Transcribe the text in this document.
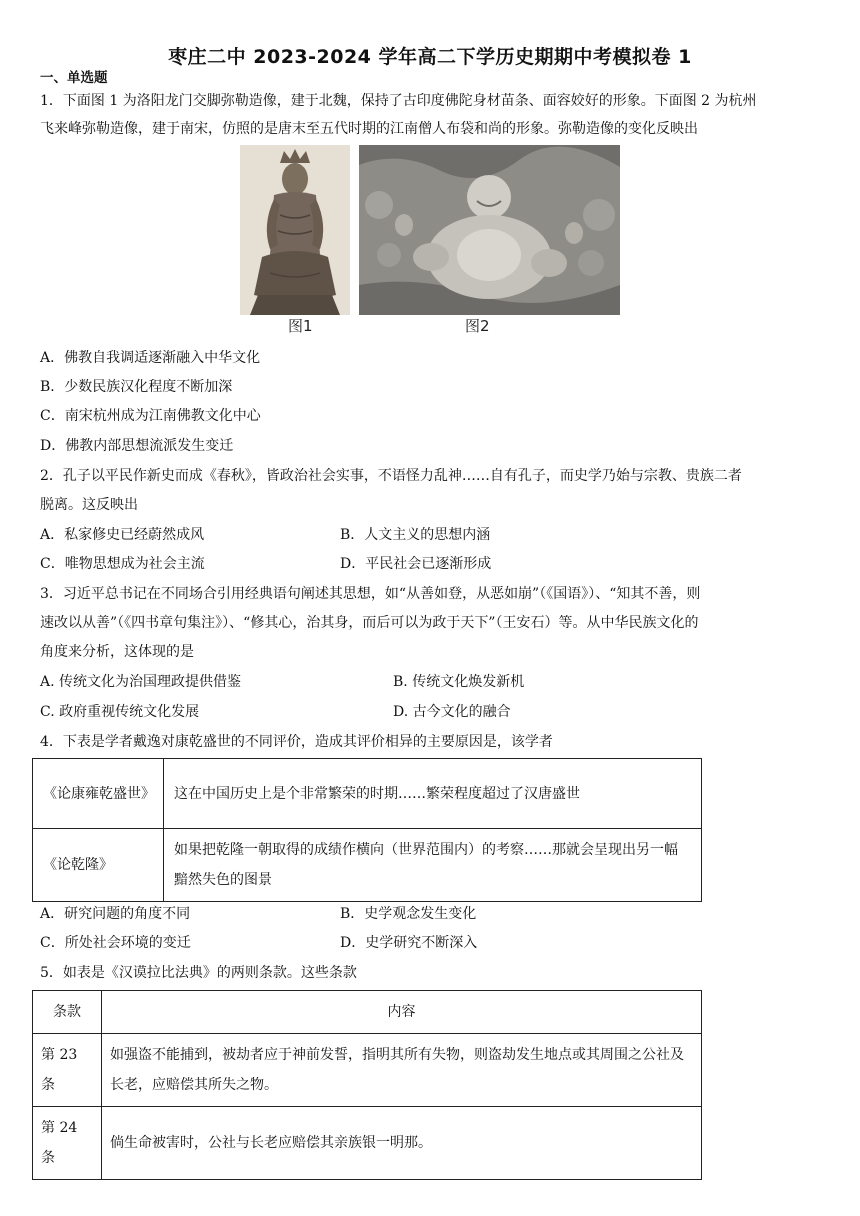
枣庄二中 2023-2024 学年高二下学历史期期中考模拟卷 1
一、单选题
1．下面图 1 为洛阳龙门交脚弥勒造像，建于北魏，保持了古印度佛陀身材苗条、面容姣好的形象。下面图 2 为杭州
飞来峰弥勒造像，建于南宋，仿照的是唐末至五代时期的江南僧人布袋和尚的形象。弥勒造像的变化反映出
图1	图2
A．佛教自我调适逐渐融入中华文化
B．少数民族汉化程度不断加深
C．南宋杭州成为江南佛教文化中心
D．佛教内部思想流派发生变迁
2．孔子以平民作新史而成《春秋》，皆政治社会实事，不语怪力乱神……自有孔子，而史学乃始与宗教、贵族二者
脱离。这反映出
A．私家修史已经蔚然成风	B．人文主义的思想内涵
C．唯物思想成为社会主流	D．平民社会已逐渐形成
3．习近平总书记在不同场合引用经典语句阐述其思想，如“从善如登，从恶如崩”（《国语》）、“知其不善，则
速改以从善”（《四书章句集注》）、“修其心，治其身，而后可以为政于天下”（王安石）等。从中华民族文化的
角度来分析，这体现的是
A. 传统文化为治国理政提供借鉴	B. 传统文化焕发新机
C. 政府重视传统文化发展	D. 古今文化的融合
4．下表是学者戴逸对康乾盛世的不同评价，造成其评价相异的主要原因是，该学者
《论康雍乾盛世》	这在中国历史上是个非常繁荣的时期……繁荣程度超过了汉唐盛世
《论乾隆》	如果把乾隆一朝取得的成绩作横向（世界范围内）的考察……那就会呈现出另一幅黯然失色的图景
A．研究问题的角度不同	B．史学观念发生变化
C．所处社会环境的变迁	D．史学研究不断深入
5．如表是《汉谟拉比法典》的两则条款。这些条款
条款	内容
第 23 条	如强盗不能捕到，被劫者应于神前发誓，指明其所有失物，则盗劫发生地点或其周围之公社及长老，应赔偿其所失之物。
第 24 条	倘生命被害时，公社与长老应赔偿其亲族银一明那。
